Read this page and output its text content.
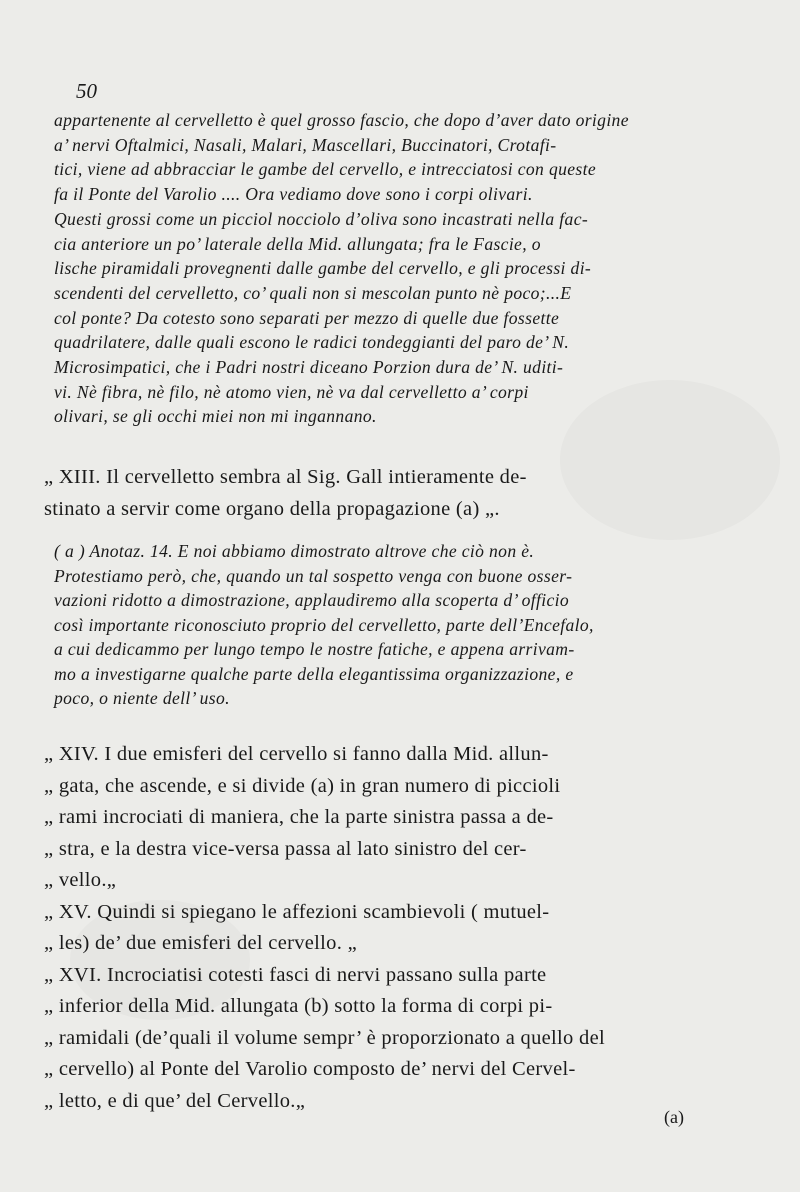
50
appartenente al cervelletto è quel grosso fascio, che dopo d’aver dato origine
a’ nervi Oftalmici, Nasali, Malari, Mascellari, Buccinatori, Crotafi-
tici, viene ad abbracciar le gambe del cervello, e intrecciatosi con queste
fa il Ponte del Varolio .... Ora vediamo dove sono i corpi olivari.
Questi grossi come un picciol nocciolo d’oliva sono incastrati nella fac-
cia anteriore un po’ laterale della Mid. allungata; fra le Fascie, o
lische piramidali provegnenti dalle gambe del cervello, e gli processi di-
scendenti del cervelletto, co’ quali non si mescolan punto nè poco;...E
col ponte? Da cotesto sono separati per mezzo di quelle due fossette
quadrilatere, dalle quali escono le radici tondeggianti del paro de’ N.
Microsimpatici, che i Padri nostri diceano Porzion dura de’ N. uditi-
vi. Nè fibra, nè filo, nè atomo vien, nè va dal cervelletto a’ corpi
olivari, se gli occhi miei non mi ingannano.
„ XIII. Il cervelletto sembra al Sig. Gall intieramente de-
stinato a servir come organo della propagazione (a) „.
( a ) Anotaz. 14. E noi abbiamo dimostrato altrove che ciò non è.
Protestiamo però, che, quando un tal sospetto venga con buone osser-
vazioni ridotto a dimostrazione, applaudiremo alla scoperta d’ officio
così importante riconosciuto proprio del cervelletto, parte dell’Encefalo,
a cui dedicammo per lungo tempo le nostre fatiche, e appena arrivam-
mo a investigarne qualche parte della elegantissima organizzazione, e
poco, o niente dell’ uso.
„ XIV. I due emisferi del cervello si fanno dalla Mid. allun-
„ gata, che ascende, e si divide (a) in gran numero di piccioli
„ rami incrociati di maniera, che la parte sinistra passa a de-
„ stra, e la destra vice-versa passa al lato sinistro del cer-
„ vello.„
„ XV. Quindi si spiegano le affezioni scambievoli ( mutuel-
„ les) de’ due emisferi del cervello. „
„ XVI. Incrociatisi cotesti fasci di nervi passano sulla parte
„ inferior della Mid. allungata (b) sotto la forma di corpi pi-
„ ramidali (de’quali il volume sempr’ è proporzionato a quello del
„ cervello) al Ponte del Varolio composto de’ nervi del Cervel-
„ letto, e di que’ del Cervello.„
(a)
